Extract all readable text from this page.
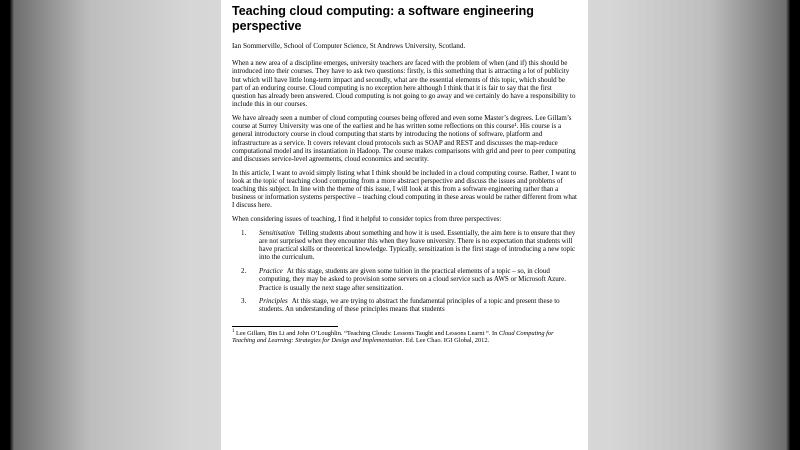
Teaching cloud computing: a software engineering perspective

Ian Sommerville, School of Computer Science, St Andrews University, Scotland.

When a new area of a discipline emerges, university teachers are faced with the problem of when (and if) this should be introduced into their courses. They have to ask two questions: firstly, is this something that is attracting a lot of publicity but which will have little long-term impact and secondly, what are the essential elements of this topic, which should be part of an enduring course. Cloud computing is no exception here although I think that it is fair to say that the first question has already been answered. Cloud computing is not going to go away and we certainly do have a responsibility to include this in our courses.

We have already seen a number of cloud computing courses being offered and even some Master’s degrees. Lee Gillam’s course at Surrey University was one of the earliest and he has written some reflections on this course¹. His course is a general introductory course in cloud computing that starts by introducing the notions of software, platform and infrastructure as a service. It covers relevant cloud protocols such as SOAP and REST and discusses the map-reduce computational model and its instantiation in Hadoop. The course makes comparisons with grid and peer to peer computing and discusses service-level agreements, cloud economics and security.

In this article, I want to avoid simply listing what I think should be included in a cloud computing course. Rather, I want to look at the topic of teaching cloud computing from a more abstract perspective and discuss the issues and problems of teaching this subject. In line with the theme of this issue, I will look at this from a software engineering rather than a business or information systems perspective – teaching cloud computing in these areas would be rather different from what I discuss here.

When considering issues of teaching, I find it helpful to consider topics from three perspectives:

1.	Sensitisation Telling students about something and how it is used. Essentially, the aim here is to ensure that they are not surprised when they encounter this when they leave university. There is no expectation that students will have practical skills or theoretical knowledge. Typically, sensitization is the first stage of introducing a new topic into the curriculum.
2.	Practice At this stage, students are given some tuition in the practical elements of a topic – so, in cloud computing, they may be asked to provision some servers on a cloud service such as AWS or Microsoft Azure. Practice is usually the next stage after sensitization.
3.	Principles At this stage, we are trying to abstract the fundamental principles of a topic and present these to students. An understanding of these principles means that students

$^1$ Lee Gillam, Bin Li and John O’Loughlin. “Teaching Clouds: Lessons Taught and Lessons Learnt “. In Cloud Computing for Teaching and Learning: Strategies for Design and Implementation. Ed. Lee Chao. IGI Global, 2012.
